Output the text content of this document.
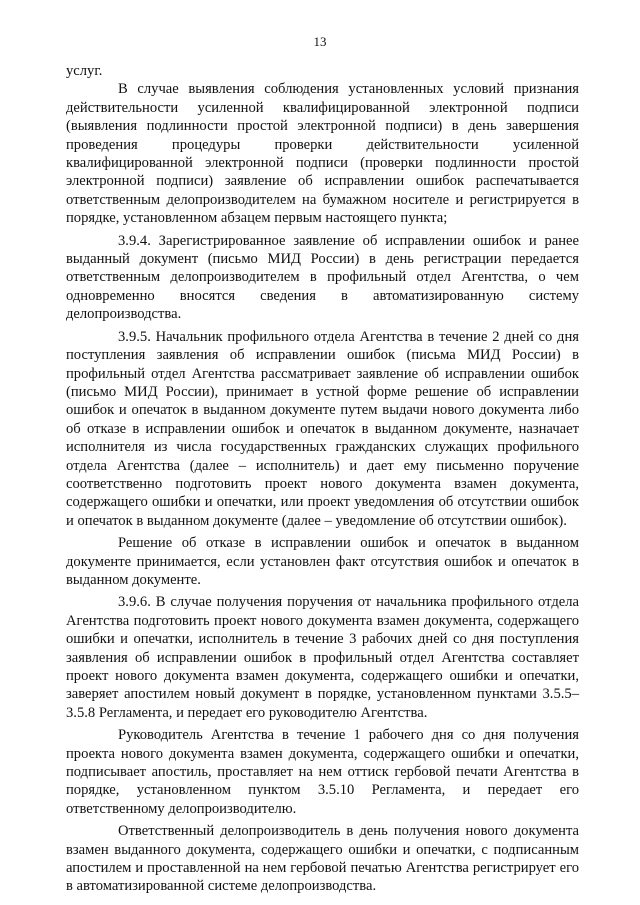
13

услуг.

В случае выявления соблюдения установленных условий признания действительности усиленной квалифицированной электронной подписи (выявления подлинности простой электронной подписи) в день завершения проведения процедуры проверки действительности усиленной квалифицированной электронной подписи (проверки подлинности простой электронной подписи) заявление об исправлении ошибок распечатывается ответственным делопроизводителем на бумажном носителе и регистрируется в порядке, установленном абзацем первым настоящего пункта;

3.9.4. Зарегистрированное заявление об исправлении ошибок и ранее выданный документ (письмо МИД России) в день регистрации передается ответственным делопроизводителем в профильный отдел Агентства, о чем одновременно вносятся сведения в автоматизированную систему делопроизводства.

3.9.5. Начальник профильного отдела Агентства в течение 2 дней со дня поступления заявления об исправлении ошибок (письма МИД России) в профильный отдел Агентства рассматривает заявление об исправлении ошибок (письмо МИД России), принимает в устной форме решение об исправлении ошибок и опечаток в выданном документе путем выдачи нового документа либо об отказе в исправлении ошибок и опечаток в выданном документе, назначает исполнителя из числа государственных гражданских служащих профильного отдела Агентства (далее – исполнитель) и дает ему письменно поручение соответственно подготовить проект нового документа взамен документа, содержащего ошибки и опечатки, или проект уведомления об отсутствии ошибок и опечаток в выданном документе (далее – уведомление об отсутствии ошибок).

Решение об отказе в исправлении ошибок и опечаток в выданном документе принимается, если установлен факт отсутствия ошибок и опечаток в выданном документе.

3.9.6. В случае получения поручения от начальника профильного отдела Агентства подготовить проект нового документа взамен документа, содержащего ошибки и опечатки, исполнитель в течение 3 рабочих дней со дня поступления заявления об исправлении ошибок в профильный отдел Агентства составляет проект нового документа взамен документа, содержащего ошибки и опечатки, заверяет апостилем новый документ в порядке, установленном пунктами 3.5.5–3.5.8 Регламента, и передает его руководителю Агентства.

Руководитель Агентства в течение 1 рабочего дня со дня получения проекта нового документа взамен документа, содержащего ошибки и опечатки, подписывает апостиль, проставляет на нем оттиск гербовой печати Агентства в порядке, установленном пунктом 3.5.10 Регламента, и передает его ответственному делопроизводителю.

Ответственный делопроизводитель в день получения нового документа взамен выданного документа, содержащего ошибки и опечатки, с подписанным апостилем и проставленной на нем гербовой печатью Агентства регистрирует его в автоматизированной системе делопроизводства.
